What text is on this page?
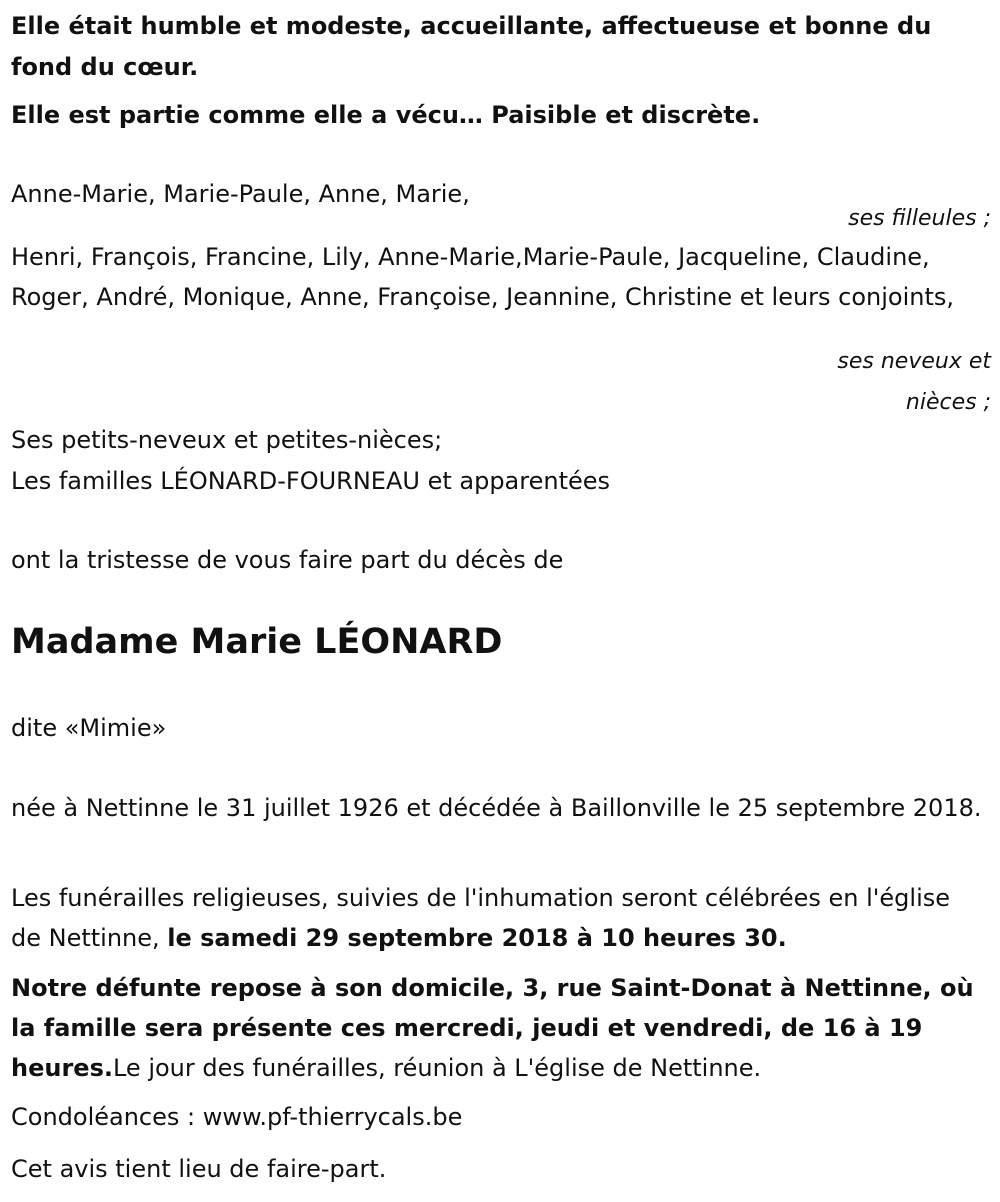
Elle était humble et modeste, accueillante, affectueuse et bonne du fond du cœur.

Elle est partie comme elle a vécu… Paisible et discrète.

Anne-Marie, Marie-Paule, Anne, Marie,

ses filleules ;

Henri, François, Francine, Lily, Anne-Marie,Marie-Paule, Jacqueline, Claudine, Roger, André, Monique, Anne, Françoise, Jeannine, Christine et leurs conjoints,

ses neveux et
nièces ;

Ses petits-neveux et petites-nièces;

Les familles LÉONARD-FOURNEAU et apparentées

ont la tristesse de vous faire part du décès de

Madame Marie LÉONARD

dite «Mimie»

née à Nettinne le 31 juillet 1926 et décédée à Baillonville le 25 septembre 2018.

Les funérailles religieuses, suivies de l'inhumation seront célébrées en l'église de Nettinne, le samedi 29 septembre 2018 à 10 heures 30.

Notre défunte repose à son domicile, 3, rue Saint-Donat à Nettinne, où la famille sera présente ces mercredi, jeudi et vendredi, de 16 à 19 heures.Le jour des funérailles, réunion à L'église de Nettinne.

Condoléances : www.pf-thierrycals.be

Cet avis tient lieu de faire-part.
